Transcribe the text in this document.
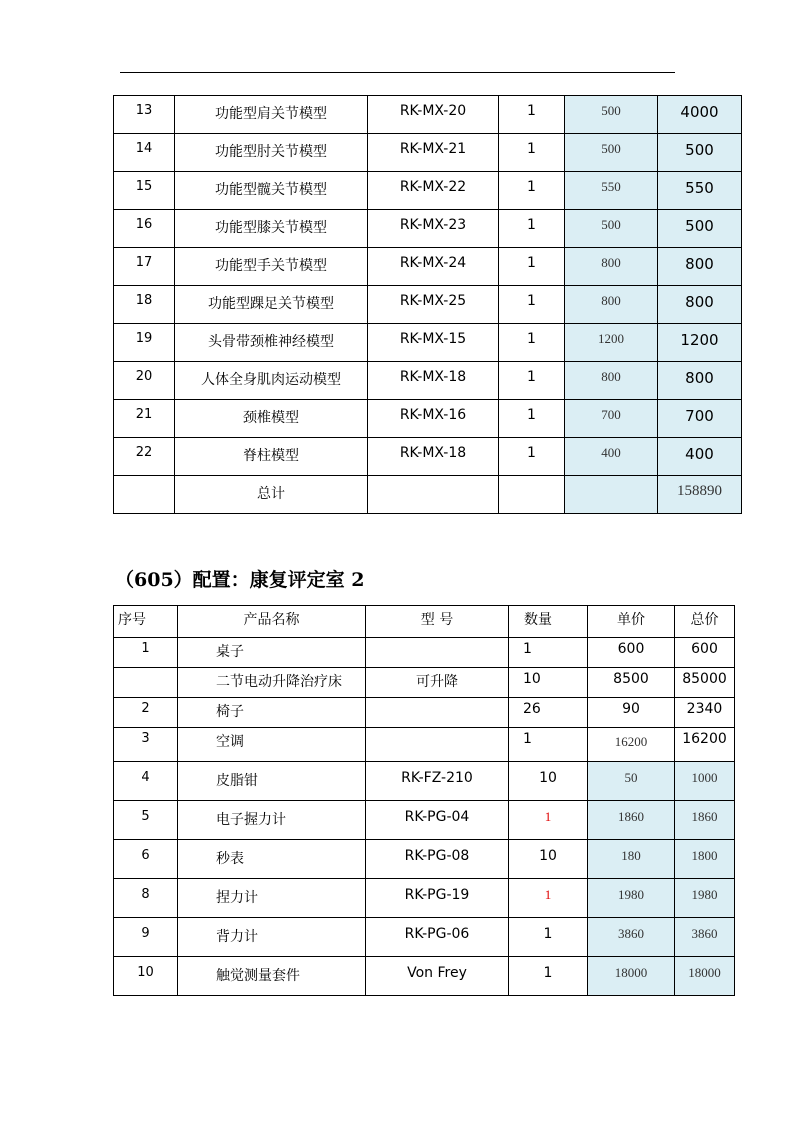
13	功能型肩关节模型	RK-MX-20	1	500	4000
14	功能型肘关节模型	RK-MX-21	1	500	500
15	功能型髋关节模型	RK-MX-22	1	550	550
16	功能型膝关节模型	RK-MX-23	1	500	500
17	功能型手关节模型	RK-MX-24	1	800	800
18	功能型踝足关节模型	RK-MX-25	1	800	800
19	头骨带颈椎神经模型	RK-MX-15	1	1200	1200
20	人体全身肌肉运动模型	RK-MX-18	1	800	800
21	颈椎模型	RK-MX-16	1	700	700
22	脊柱模型	RK-MX-18	1	400	400
	总计				158890
（605）配置：康复评定室 2
序号	产品名称	型 号	数量	单价	总价
1	桌子		1	600	600
	二节电动升降治疗床	可升降	10	8500	85000
2	椅子		26	90	2340
3	空调		1	16200	16200
4	皮脂钳	RK-FZ-210	10	50	1000
5	电子握力计	RK-PG-04	1	1860	1860
6	秒表	RK-PG-08	10	180	1800
8	捏力计	RK-PG-19	1	1980	1980
9	背力计	RK-PG-06	1	3860	3860
10	触觉测量套件	Von Frey	1	18000	18000
